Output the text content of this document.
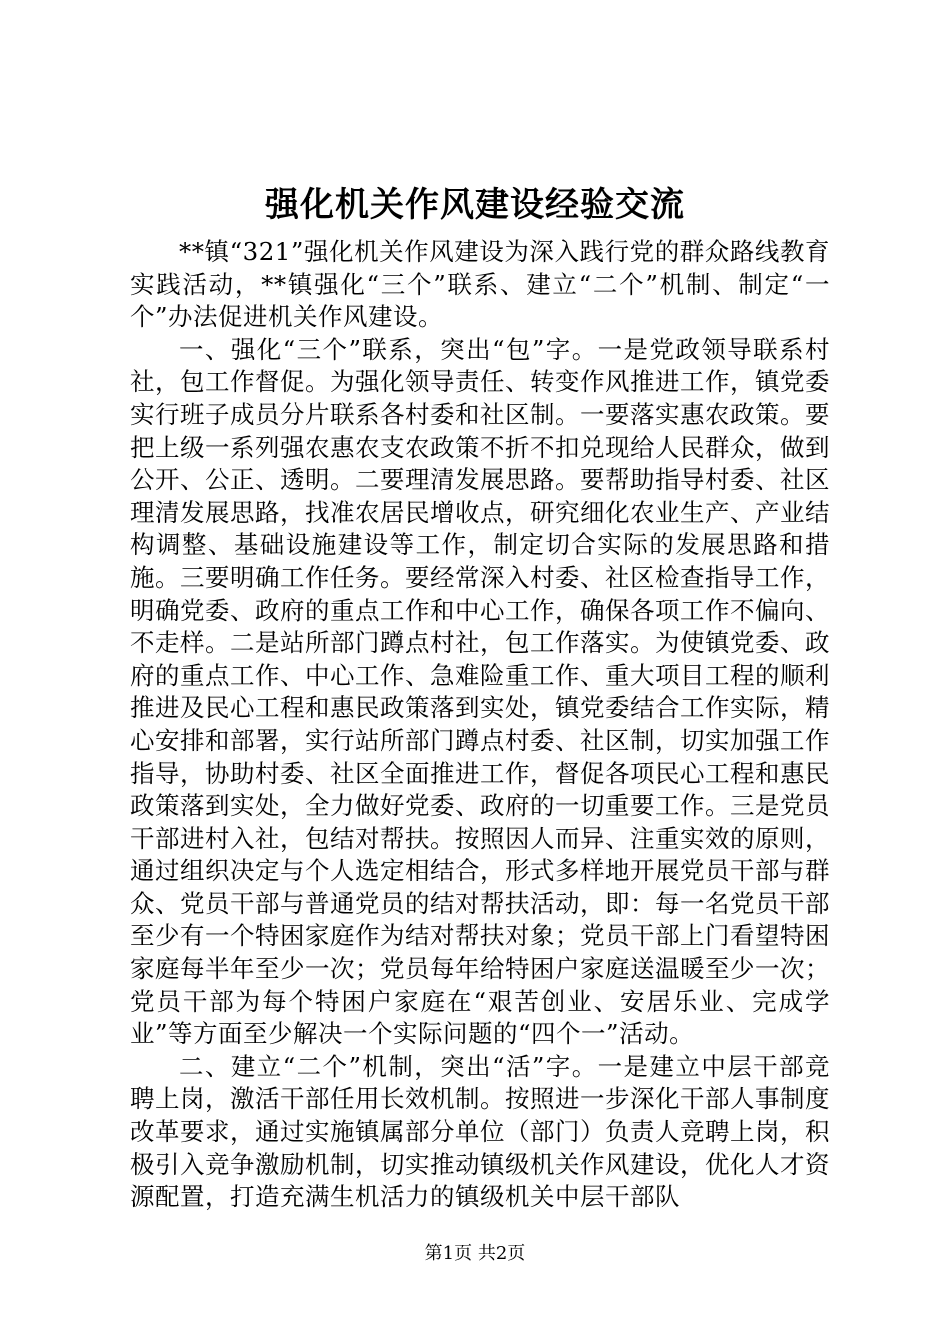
强化机关作风建设经验交流

**镇“321”强化机关作风建设为深入践行党的群众路线教育实践活动，**镇强化“三个”联系、建立“二个”机制、制定“一个”办法促进机关作风建设。

一、强化“三个”联系，突出“包”字。一是党政领导联系村社，包工作督促。为强化领导责任、转变作风推进工作，镇党委实行班子成员分片联系各村委和社区制。一要落实惠农政策。要把上级一系列强农惠农支农政策不折不扣兑现给人民群众，做到公开、公正、透明。二要理清发展思路。要帮助指导村委、社区理清发展思路，找准农居民增收点，研究细化农业生产、产业结构调整、基础设施建设等工作，制定切合实际的发展思路和措施。三要明确工作任务。要经常深入村委、社区检查指导工作，明确党委、政府的重点工作和中心工作，确保各项工作不偏向、不走样。二是站所部门蹲点村社，包工作落实。为使镇党委、政府的重点工作、中心工作、急难险重工作、重大项目工程的顺利推进及民心工程和惠民政策落到实处，镇党委结合工作实际，精心安排和部署，实行站所部门蹲点村委、社区制，切实加强工作指导，协助村委、社区全面推进工作，督促各项民心工程和惠民政策落到实处，全力做好党委、政府的一切重要工作。三是党员干部进村入社，包结对帮扶。按照因人而异、注重实效的原则，通过组织决定与个人选定相结合，形式多样地开展党员干部与群众、党员干部与普通党员的结对帮扶活动，即：每一名党员干部至少有一个特困家庭作为结对帮扶对象；党员干部上门看望特困家庭每半年至少一次；党员每年给特困户家庭送温暖至少一次；党员干部为每个特困户家庭在“艰苦创业、安居乐业、完成学业”等方面至少解决一个实际问题的“四个一”活动。

二、建立“二个”机制，突出“活”字。一是建立中层干部竞聘上岗，激活干部任用长效机制。按照进一步深化干部人事制度改革要求，通过实施镇属部分单位（部门）负责人竞聘上岗，积极引入竞争激励机制，切实推动镇级机关作风建设，优化人才资源配置，打造充满生机活力的镇级机关中层干部队

第1页 共2页
